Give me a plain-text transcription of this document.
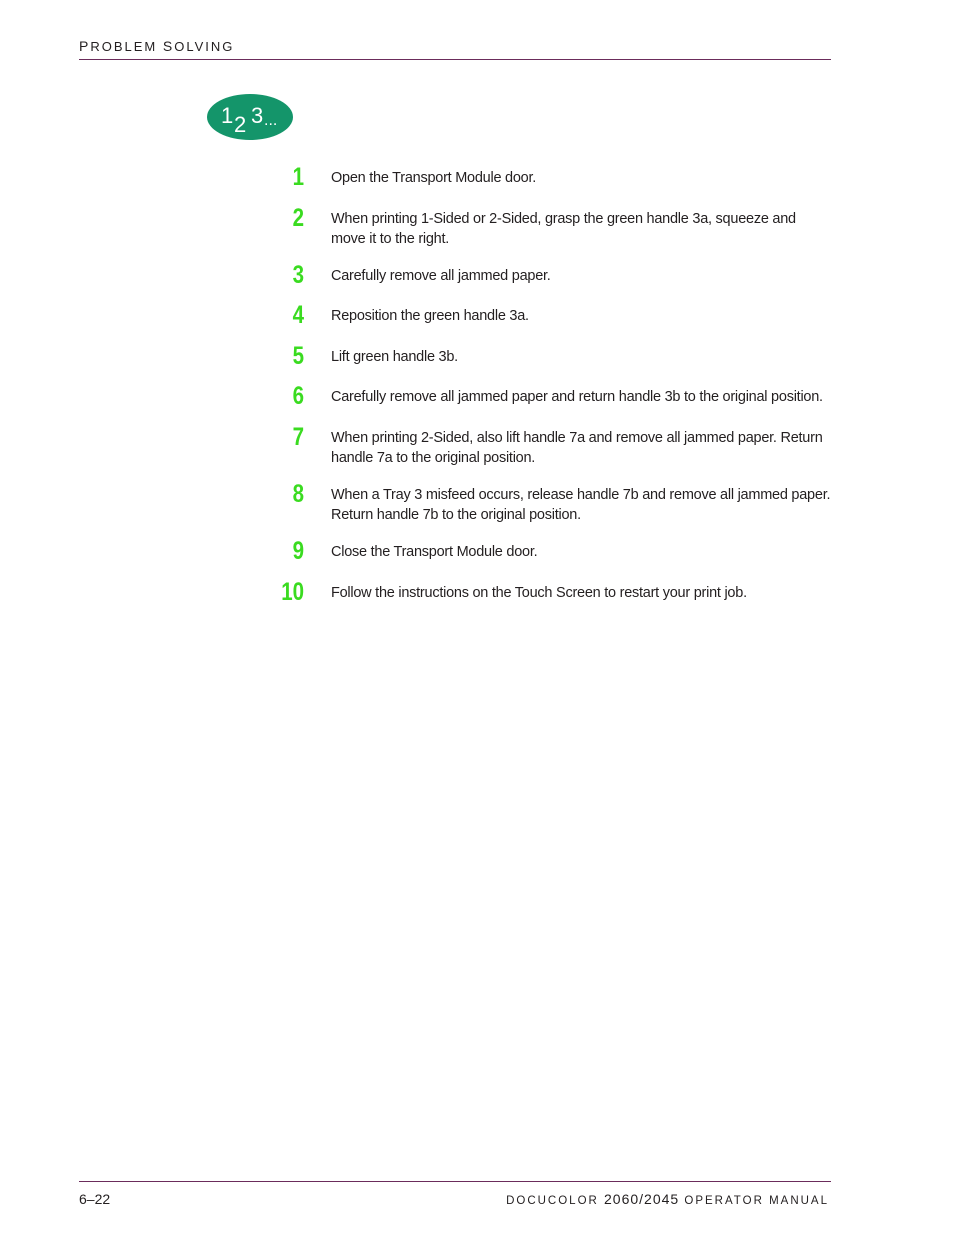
PROBLEM SOLVING
1 2 3 ...
1 Open the Transport Module door.
2 When printing 1-Sided or 2-Sided, grasp the green handle 3a, squeeze and move it to the right.
3 Carefully remove all jammed paper.
4 Reposition the green handle 3a.
5 Lift green handle 3b.
6 Carefully remove all jammed paper and return handle 3b to the original position.
7 When printing 2-Sided, also lift handle 7a and remove all jammed paper. Return handle 7a to the original position.
8 When a Tray 3 misfeed occurs, release handle 7b and remove all jammed paper. Return handle 7b to the original position.
9 Close the Transport Module door.
10 Follow the instructions on the Touch Screen to restart your print job.
6–22	DOCUCOLOR 2060/2045 OPERATOR MANUAL
